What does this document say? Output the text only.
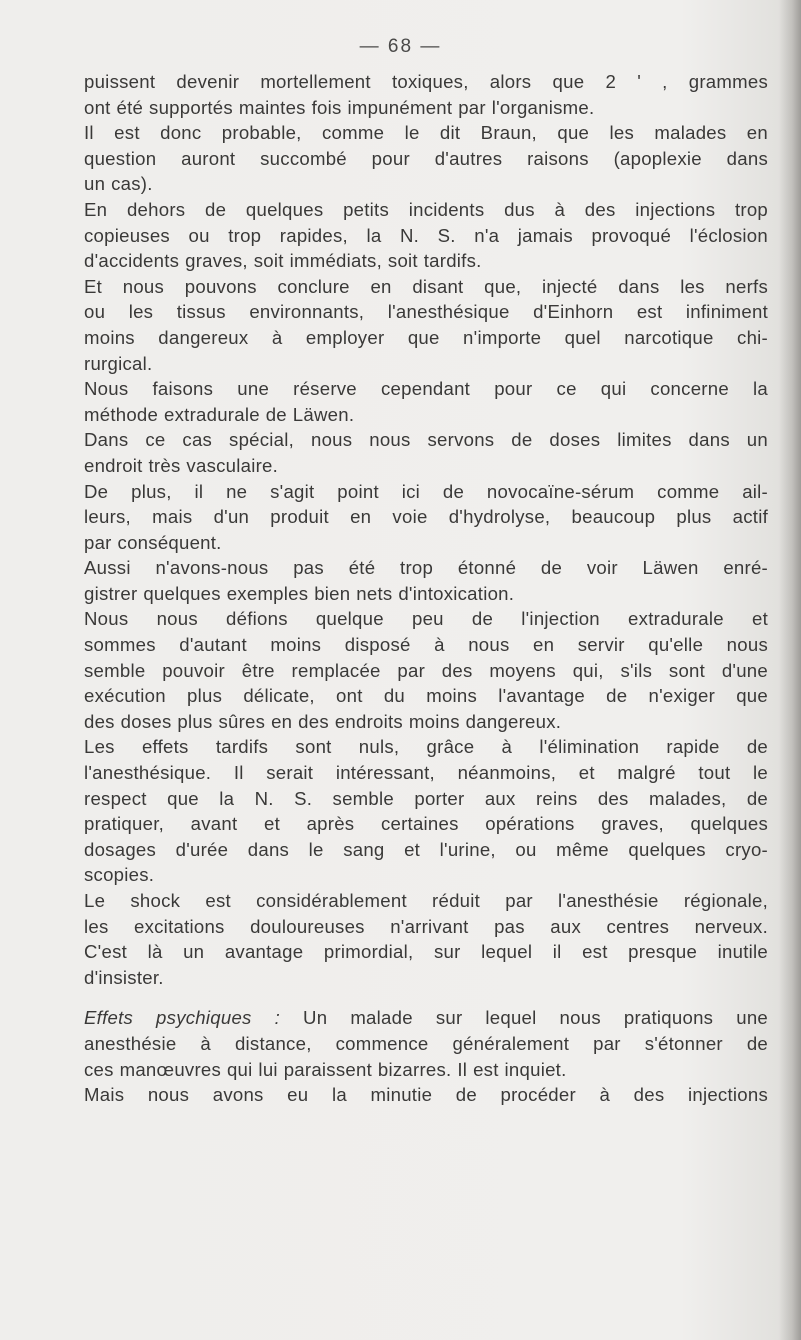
— 68 —
puissent devenir mortellement toxiques, alors que 2 ' , grammes
ont été supportés maintes fois impunément par l'organisme.
Il est donc probable, comme le dit Braun, que les malades en
question auront succombé pour d'autres raisons (apoplexie dans
un cas).
En dehors de quelques petits incidents dus à des injections trop
copieuses ou trop rapides, la N. S. n'a jamais provoqué l'éclosion
d'accidents graves, soit immédiats, soit tardifs.
Et nous pouvons conclure en disant que, injecté dans les nerfs
ou les tissus environnants, l'anesthésique d'Einhorn est infiniment
moins dangereux à employer que n'importe quel narcotique chi-
rurgical.
Nous faisons une réserve cependant pour ce qui concerne la
méthode extradurale de Läwen.
Dans ce cas spécial, nous nous servons de doses limites dans un
endroit très vasculaire.
De plus, il ne s'agit point ici de novocaïne-sérum comme ail-
leurs, mais d'un produit en voie d'hydrolyse, beaucoup plus actif
par conséquent.
Aussi n'avons-nous pas été trop étonné de voir Läwen enré-
gistrer quelques exemples bien nets d'intoxication.
Nous nous défions quelque peu de l'injection extradurale et
sommes d'autant moins disposé à nous en servir qu'elle nous
semble pouvoir être remplacée par des moyens qui, s'ils sont d'une
exécution plus délicate, ont du moins l'avantage de n'exiger que
des doses plus sûres en des endroits moins dangereux.
Les effets tardifs sont nuls, grâce à l'élimination rapide de
l'anesthésique. Il serait intéressant, néanmoins, et malgré tout le
respect que la N. S. semble porter aux reins des malades, de
pratiquer, avant et après certaines opérations graves, quelques
dosages d'urée dans le sang et l'urine, ou même quelques cryo-
scopies.
Le shock est considérablement réduit par l'anesthésie régionale,
les excitations douloureuses n'arrivant pas aux centres nerveux.
C'est là un avantage primordial, sur lequel il est presque inutile
d'insister.
Effets psychiques : Un malade sur lequel nous pratiquons une
anesthésie à distance, commence généralement par s'étonner de
ces manœuvres qui lui paraissent bizarres. Il est inquiet.
Mais nous avons eu la minutie de procéder à des injections
